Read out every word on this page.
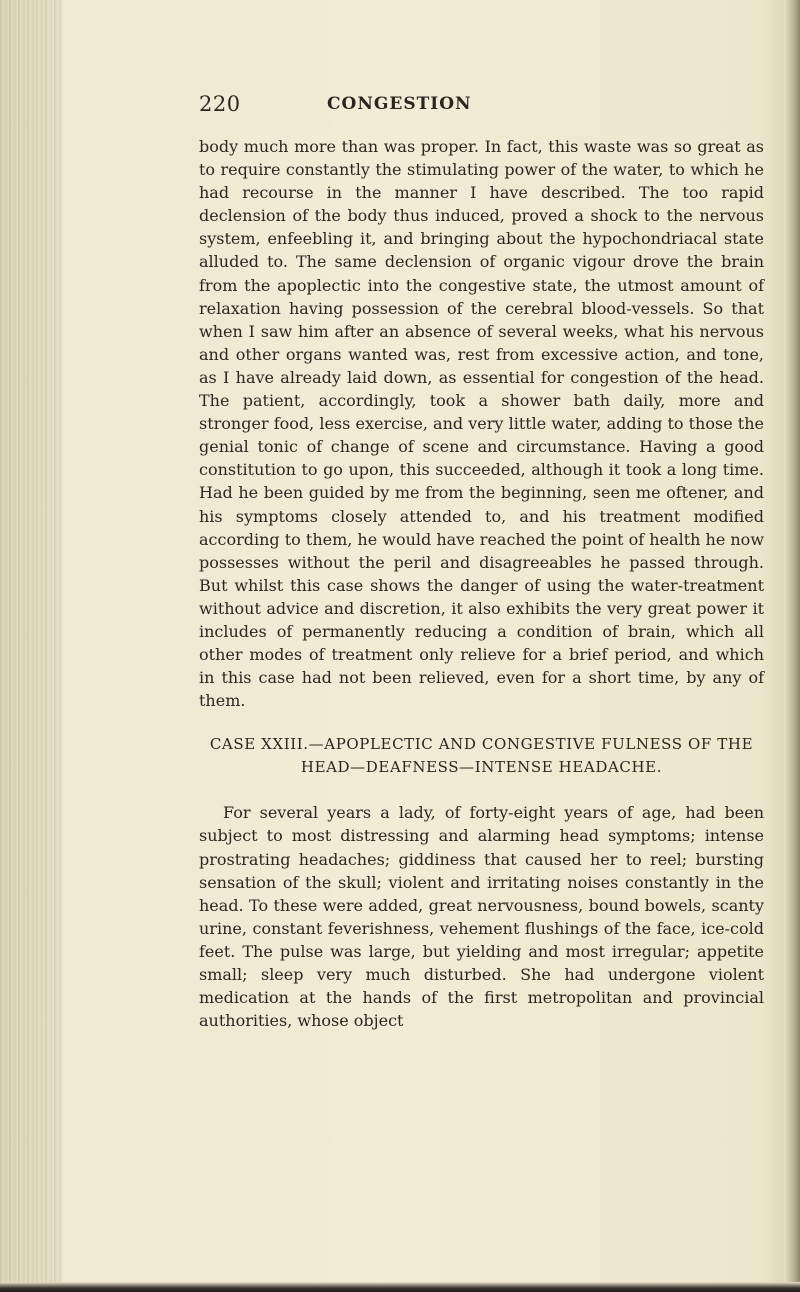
220	CONGESTION

body much more than was proper. In fact, this waste was so great as to require constantly the stimulating power of the water, to which he had recourse in the manner I have described. The too rapid declension of the body thus induced, proved a shock to the nervous system, enfeebling it, and bringing about the hypochondriacal state alluded to. The same declension of organic vigour drove the brain from the apoplectic into the congestive state, the utmost amount of relaxation having possession of the cerebral blood-vessels. So that when I saw him after an absence of several weeks, what his nervous and other organs wanted was, rest from excessive action, and tone, as I have already laid down, as essential for congestion of the head. The patient, accordingly, took a shower bath daily, more and stronger food, less exercise, and very little water, adding to those the genial tonic of change of scene and circumstance. Having a good constitution to go upon, this succeeded, although it took a long time. Had he been guided by me from the beginning, seen me oftener, and his symptoms closely attended to, and his treatment modified according to them, he would have reached the point of health he now possesses without the peril and disagreeables he passed through. But whilst this case shows the danger of using the water-treatment without advice and discretion, it also exhibits the very great power it includes of permanently reducing a condition of brain, which all other modes of treatment only relieve for a brief period, and which in this case had not been relieved, even for a short time, by any of them.

CASE XXIII.—APOPLECTIC AND CONGESTIVE FULNESS OF THE HEAD—DEAFNESS—INTENSE HEADACHE.

For several years a lady, of forty-eight years of age, had been subject to most distressing and alarming head symptoms; intense prostrating headaches; giddiness that caused her to reel; bursting sensation of the skull; violent and irritating noises constantly in the head. To these were added, great nervousness, bound bowels, scanty urine, constant feverishness, vehement flushings of the face, ice-cold feet. The pulse was large, but yielding and most irregular; appetite small; sleep very much disturbed. She had undergone violent medication at the hands of the first metropolitan and provincial authorities, whose object
